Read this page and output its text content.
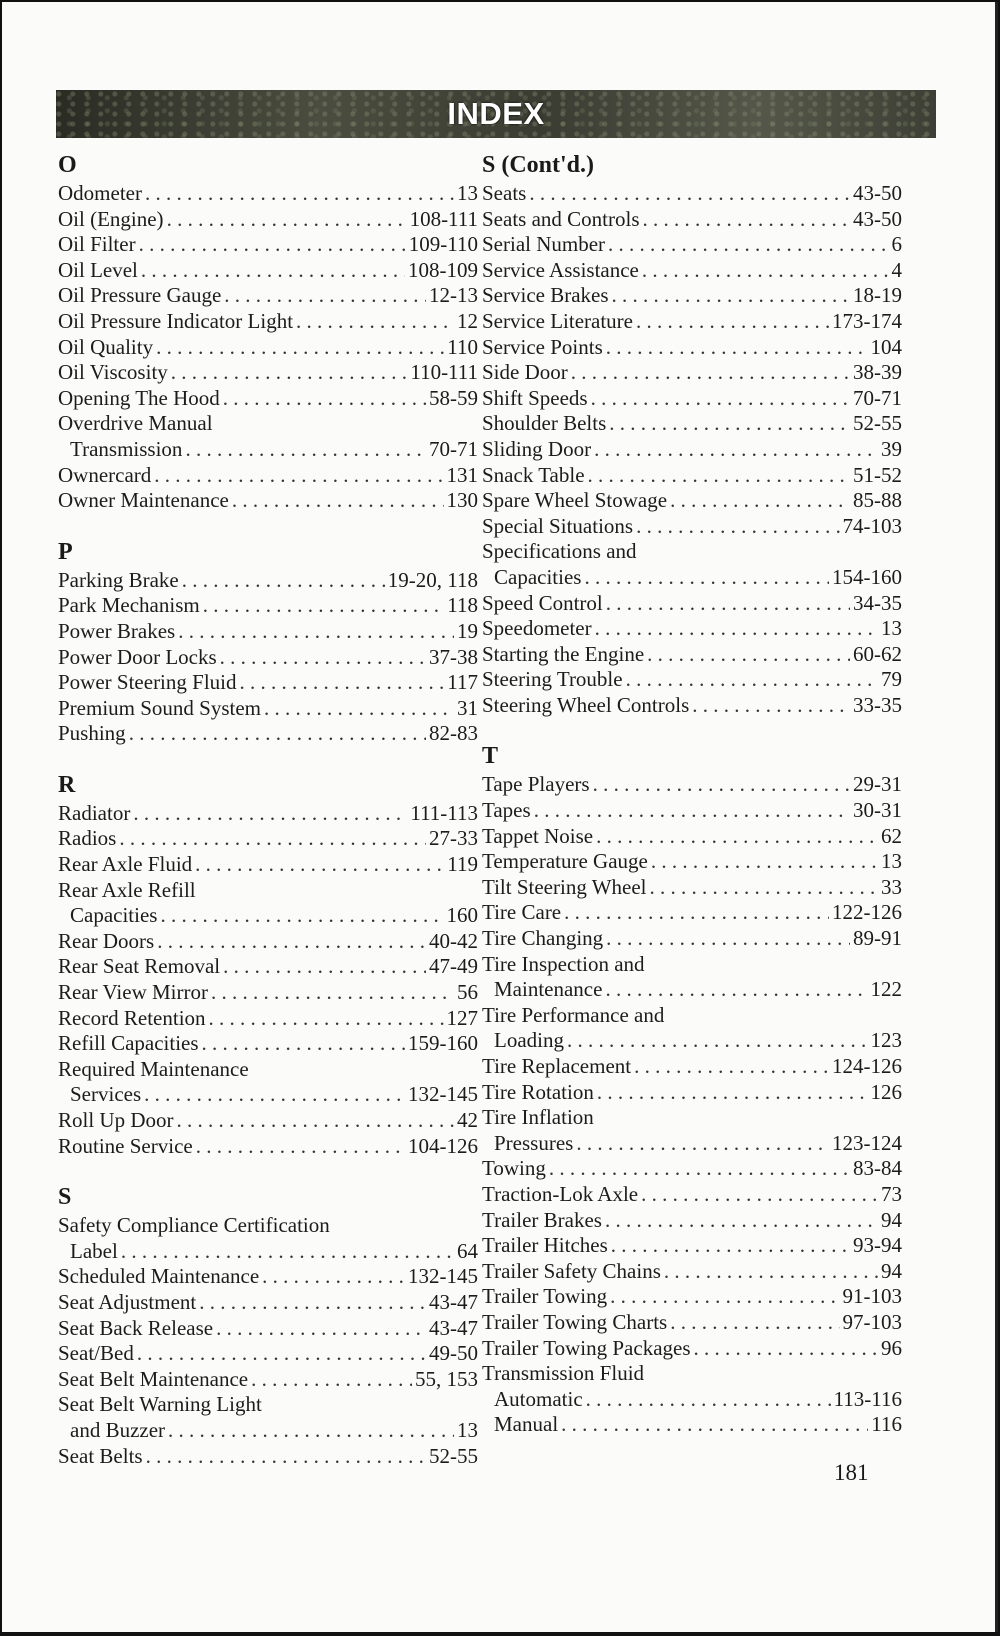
INDEX
O
Odometer . . .	13
Oil (Engine) . . .	108-111
Oil Filter . . .	109-110
Oil Level . . .	108-109
Oil Pressure Gauge . . .	12-13
Oil Pressure Indicator Light . . .	12
Oil Quality . . .	110
Oil Viscosity . . .	110-111
Opening The Hood . . .	58-59
Overdrive Manual
Transmission . . .	70-71
Ownercard . . .	131
Owner Maintenance . . .	130
P
Parking Brake . . .	19-20, 118
Park Mechanism . . .	118
Power Brakes . . .	19
Power Door Locks . . .	37-38
Power Steering Fluid . . .	117
Premium Sound System . . .	31
Pushing . . .	82-83
R
Radiator . . .	111-113
Radios . . .	27-33
Rear Axle Fluid . . .	119
Rear Axle Refill
Capacities . . .	160
Rear Doors . . .	40-42
Rear Seat Removal . . .	47-49
Rear View Mirror . . .	56
Record Retention . . .	127
Refill Capacities . . .	159-160
Required Maintenance
Services . . .	132-145
Roll Up Door . . .	42
Routine Service . . .	104-126
S
Safety Compliance Certification
Label . . .	64
Scheduled Maintenance . . .	132-145
Seat Adjustment . . .	43-47
Seat Back Release . . .	43-47
Seat/Bed . . .	49-50
Seat Belt Maintenance . . .	55, 153
Seat Belt Warning Light
and Buzzer . . .	13
Seat Belts . . .	52-55
S (Cont'd.)
Seats . . .	43-50
Seats and Controls . . .	43-50
Serial Number . . .	6
Service Assistance . . .	4
Service Brakes . . .	18-19
Service Literature . . .	173-174
Service Points . . .	104
Side Door . . .	38-39
Shift Speeds . . .	70-71
Shoulder Belts . . .	52-55
Sliding Door . . .	39
Snack Table . . .	51-52
Spare Wheel Stowage . . .	85-88
Special Situations . . .	74-103
Specifications and
Capacities . . .	154-160
Speed Control . . .	34-35
Speedometer . . .	13
Starting the Engine . . .	60-62
Steering Trouble . . .	79
Steering Wheel Controls . . .	33-35
T
Tape Players . . .	29-31
Tapes . . .	30-31
Tappet Noise . . .	62
Temperature Gauge . . .	13
Tilt Steering Wheel . . .	33
Tire Care . . .	122-126
Tire Changing . . .	89-91
Tire Inspection and
Maintenance . . .	122
Tire Performance and
Loading . . .	123
Tire Replacement . . .	124-126
Tire Rotation . . .	126
Tire Inflation
Pressures . . .	123-124
Towing . . .	83-84
Traction-Lok Axle . . .	73
Trailer Brakes . . .	94
Trailer Hitches . . .	93-94
Trailer Safety Chains . . .	94
Trailer Towing . . .	91-103
Trailer Towing Charts . . .	97-103
Trailer Towing Packages . . .	96
Transmission Fluid
Automatic . . .	113-116
Manual . . .	116
181
